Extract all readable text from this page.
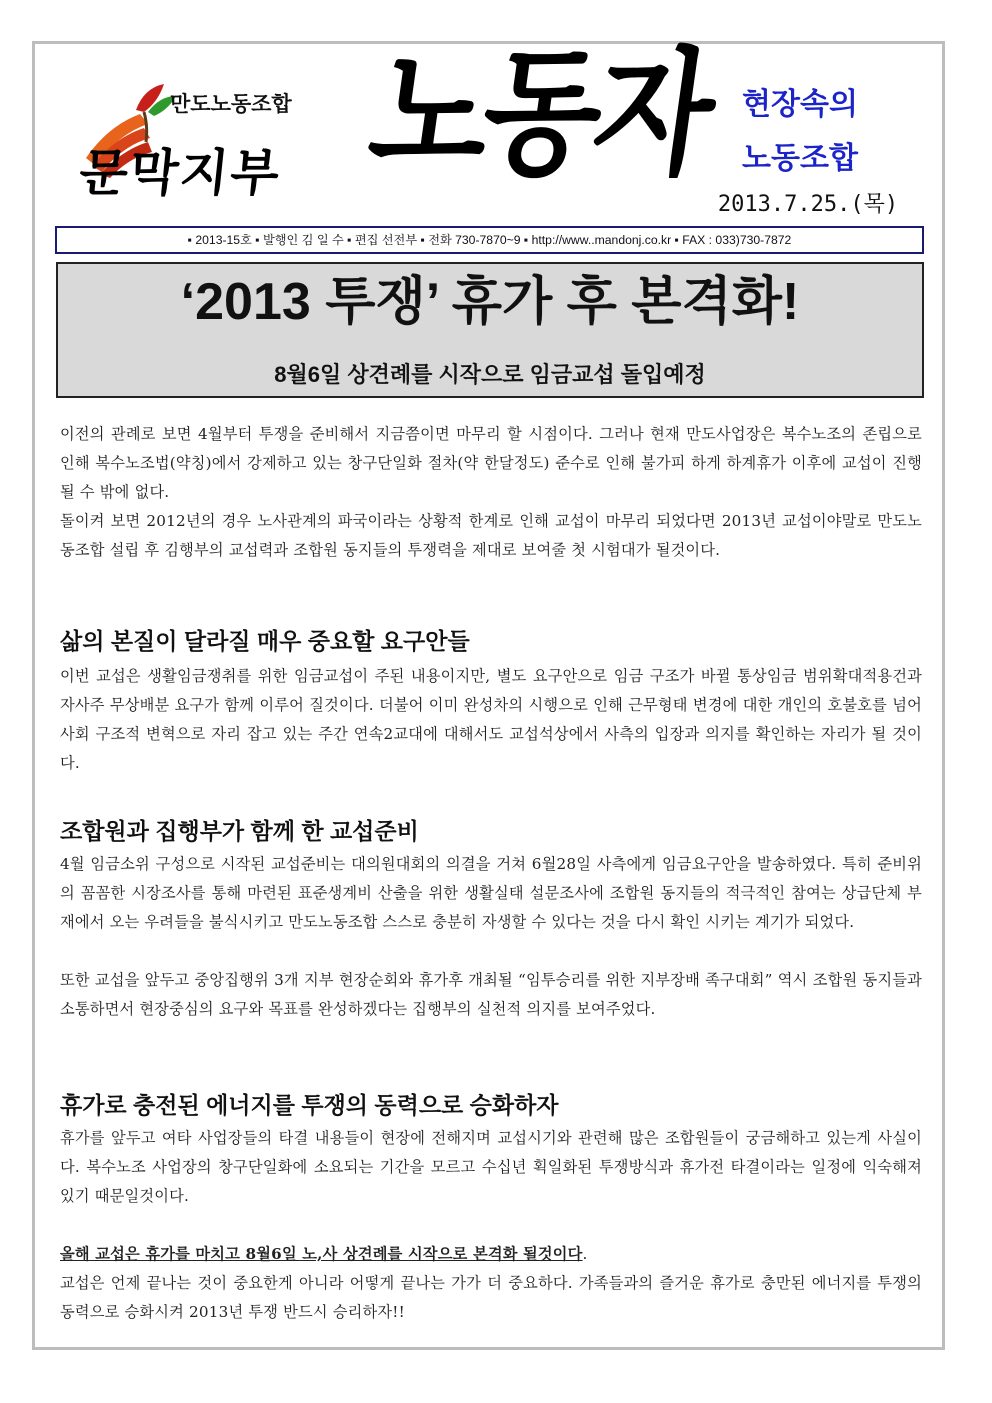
만도노동조합
문막지부 노동자 현장속의
노동조합
2013.7.25.(목)
▪ 2013-15호 ▪ 발행인 김 일 수 ▪ 편집 선전부 ▪ 전화 730-7870~9 ▪ http://www..mandonj.co.kr ▪ FAX : 033)730-7872
‘2013 투쟁’ 휴가 후 본격화!
8월6일 상견례를 시작으로 임금교섭 돌입예정
이전의 관례로 보면 4월부터 투쟁을 준비해서 지금쯤이면 마무리 할 시점이다. 그러나 현재 만도사업장은 복수노조의 존립으로 인해 복수노조법(약칭)에서 강제하고 있는 창구단일화 절차(약 한달정도) 준수로 인해 불가피 하게 하계휴가 이후에 교섭이 진행될 수 밖에 없다.
돌이켜 보면 2012년의 경우 노사관계의 파국이라는 상황적 한계로 인해 교섭이 마무리 되었다면 2013년 교섭이야말로 만도노동조합 설립 후 김행부의 교섭력과 조합원 동지들의 투쟁력을 제대로 보여줄 첫 시험대가 될것이다.
삶의 본질이 달라질 매우 중요할 요구안들
이번 교섭은 생활임금쟁취를 위한 임금교섭이 주된 내용이지만, 별도 요구안으로 임금 구조가 바뀔 통상임금 범위확대적용건과 자사주 무상배분 요구가 함께 이루어 질것이다. 더불어 이미 완성차의 시행으로 인해 근무형태 변경에 대한 개인의 호불호를 넘어 사회 구조적 변혁으로 자리 잡고 있는 주간 연속2교대에 대해서도 교섭석상에서 사측의 입장과 의지를 확인하는 자리가 될 것이다.
조합원과 집행부가 함께 한 교섭준비
4월 임금소위 구성으로 시작된 교섭준비는 대의원대회의 의결을 거쳐 6월28일 사측에게 임금요구안을 발송하였다. 특히 준비위의 꼼꼼한 시장조사를 통해 마련된 표준생계비 산출을 위한 생활실태 설문조사에 조합원 동지들의 적극적인 참여는 상급단체 부재에서 오는 우려들을 불식시키고 만도노동조합 스스로 충분히 자생할 수 있다는 것을 다시 확인 시키는 계기가 되었다.
또한 교섭을 앞두고 중앙집행위 3개 지부 현장순회와 휴가후 개최될 “임투승리를 위한 지부장배 족구대회” 역시 조합원 동지들과 소통하면서 현장중심의 요구와 목표를 완성하겠다는 집행부의 실천적 의지를 보여주었다.
휴가로 충전된 에너지를 투쟁의 동력으로 승화하자
휴가를 앞두고 여타 사업장들의 타결 내용들이 현장에 전해지며 교섭시기와 관련해 많은 조합원들이 궁금해하고 있는게 사실이다. 복수노조 사업장의 창구단일화에 소요되는 기간을 모르고 수십년 획일화된 투쟁방식과 휴가전 타결이라는 일정에 익숙해져 있기 때문일것이다.
올해 교섭은 휴가를 마치고 8월6일 노,사 상견례를 시작으로 본격화 될것이다.
교섭은 언제 끝나는 것이 중요한게 아니라 어떻게 끝나는 가가 더 중요하다. 가족들과의 즐거운 휴가로 충만된 에너지를 투쟁의 동력으로 승화시켜 2013년 투쟁 반드시 승리하자!!
